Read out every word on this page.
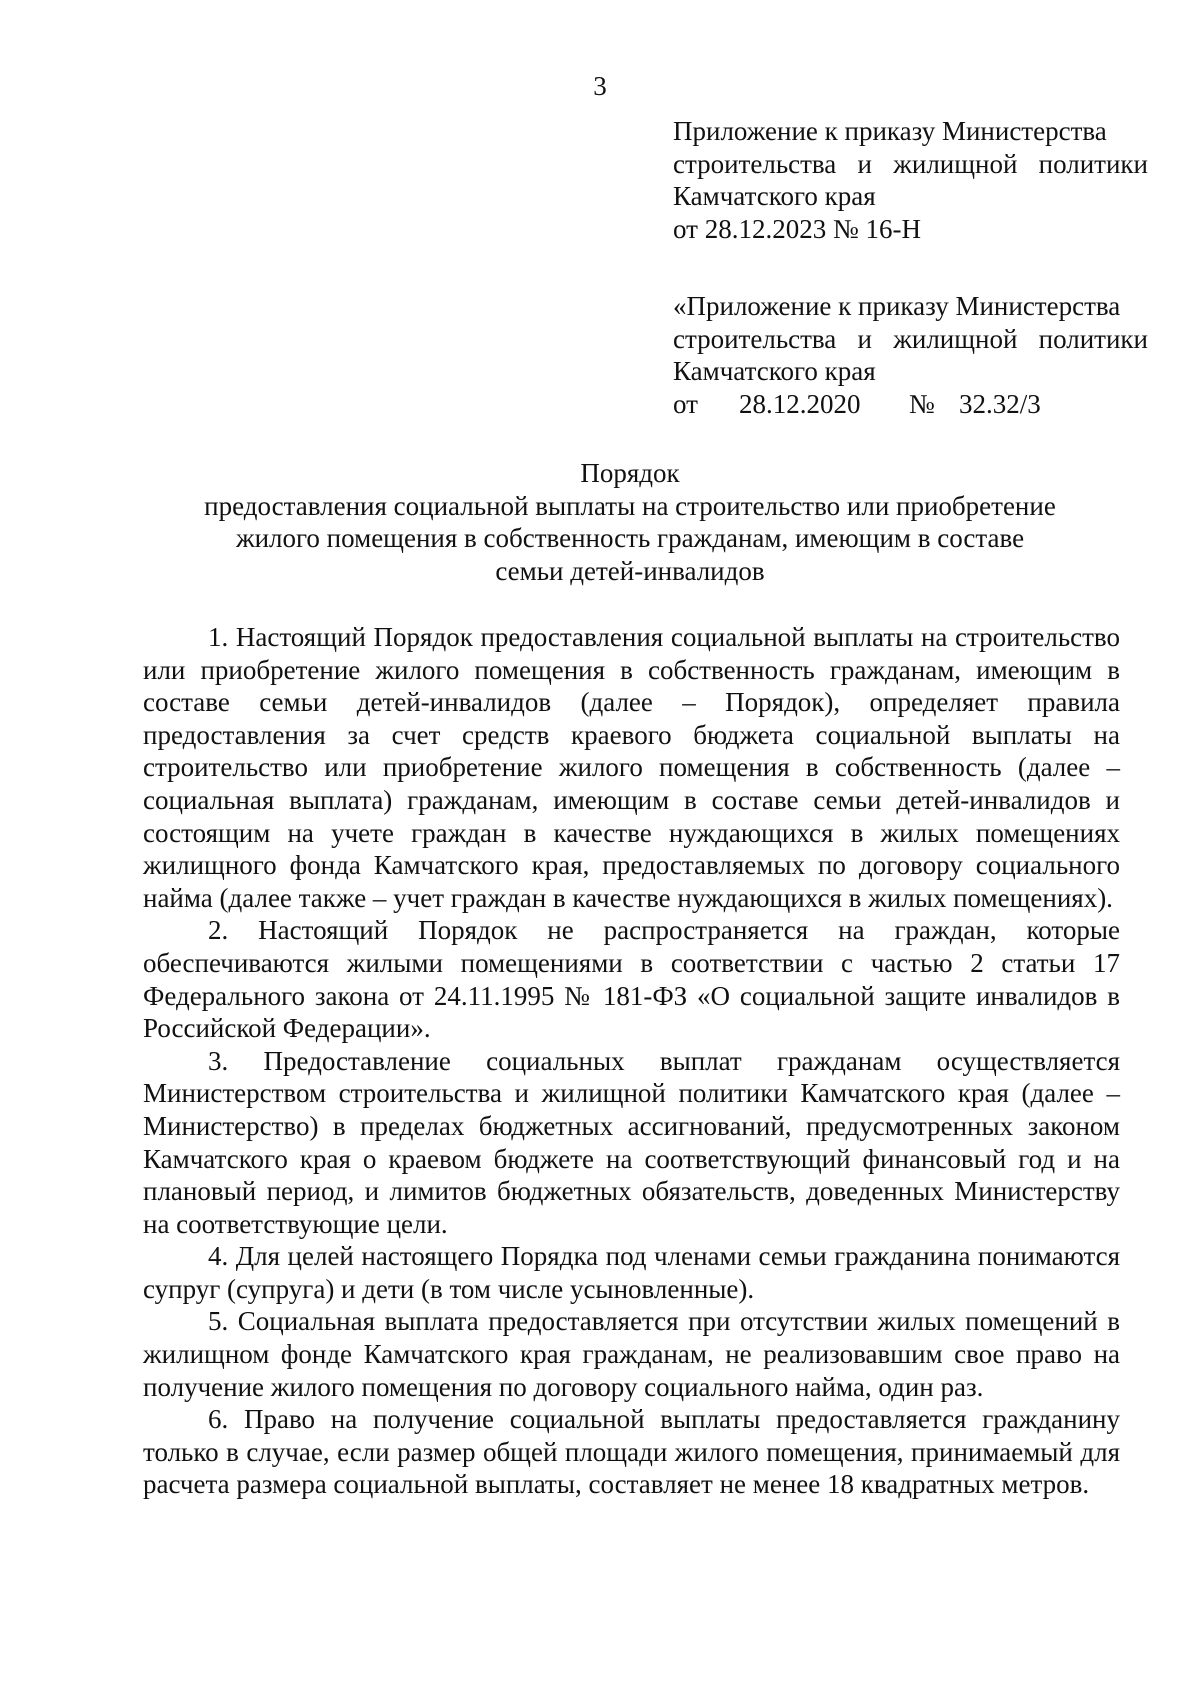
3
Приложение к приказу Министерства
строительства и жилищной политики
Камчатского края
от 28.12.2023 № 16-Н
«Приложение к приказу Министерства
строительства и жилищной политики
Камчатского края
от	28.12.2020	№ 32.32/3
Порядок
предоставления социальной выплаты на строительство или приобретение
жилого помещения в собственность гражданам, имеющим в составе
семьи детей-инвалидов

1. Настоящий Порядок предоставления социальной выплаты на строительство или приобретение жилого помещения в собственность гражданам, имеющим в составе семьи детей-инвалидов (далее – Порядок), определяет правила предоставления за счет средств краевого бюджета социальной выплаты на строительство или приобретение жилого помещения в собственность (далее – социальная выплата) гражданам, имеющим в составе семьи детей-инвалидов и состоящим на учете граждан в качестве нуждающихся в жилых помещениях жилищного фонда Камчатского края, предоставляемых по договору социального найма (далее также – учет граждан в качестве нуждающихся в жилых помещениях).

2. Настоящий Порядок не распространяется на граждан, которые обеспечиваются жилыми помещениями в соответствии с частью 2 статьи 17 Федерального закона от 24.11.1995 № 181-ФЗ «О социальной защите инвалидов в Российской Федерации».

3. Предоставление социальных выплат гражданам осуществляется Министерством строительства и жилищной политики Камчатского края (далее – Министерство) в пределах бюджетных ассигнований, предусмотренных законом Камчатского края о краевом бюджете на соответствующий финансовый год и на плановый период, и лимитов бюджетных обязательств, доведенных Министерству на соответствующие цели.

4. Для целей настоящего Порядка под членами семьи гражданина понимаются супруг (супруга) и дети (в том числе усыновленные).

5. Социальная выплата предоставляется при отсутствии жилых помещений в жилищном фонде Камчатского края гражданам, не реализовавшим свое право на получение жилого помещения по договору социального найма, один раз.

6. Право на получение социальной выплаты предоставляется гражданину только в случае, если размер общей площади жилого помещения, принимаемый для расчета размера социальной выплаты, составляет не менее 18 квадратных метров.
